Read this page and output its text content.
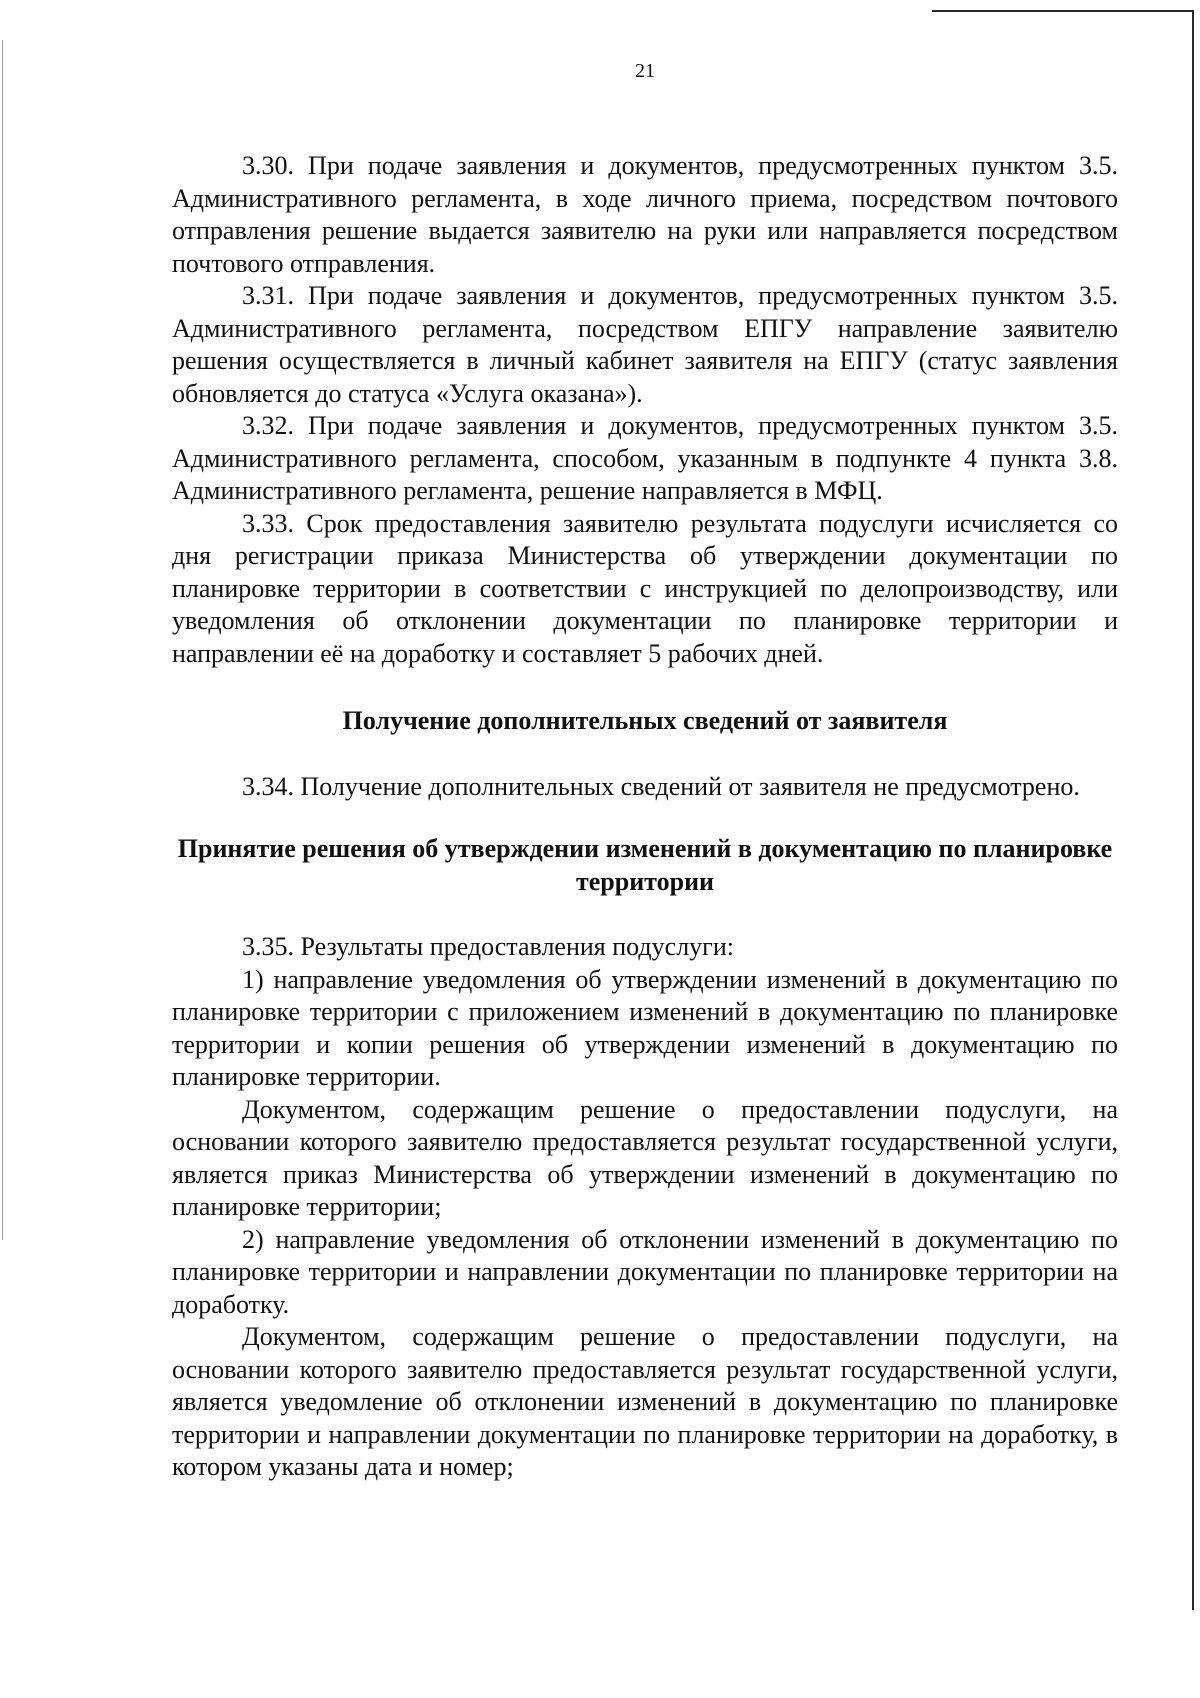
21

3.30. При подаче заявления и документов, предусмотренных пунктом 3.5. Административного регламента, в ходе личного приема, посредством почтового отправления решение выдается заявителю на руки или направляется посредством почтового отправления.

3.31. При подаче заявления и документов, предусмотренных пунктом 3.5. Административного регламента, посредством ЕПГУ направление заявителю решения осуществляется в личный кабинет заявителя на ЕПГУ (статус заявления обновляется до статуса «Услуга оказана»).

3.32. При подаче заявления и документов, предусмотренных пунктом 3.5. Административного регламента, способом, указанным в подпункте 4 пункта 3.8. Административного регламента, решение направляется в МФЦ.

3.33. Срок предоставления заявителю результата подуслуги исчисляется со дня регистрации приказа Министерства об утверждении документации по планировке территории в соответствии с инструкцией по делопроизводству, или уведомления об отклонении документации по планировке территории и направлении её на доработку и составляет 5 рабочих дней.

Получение дополнительных сведений от заявителя

3.34. Получение дополнительных сведений от заявителя не предусмотрено.

Принятие решения об утверждении изменений в документацию по планировке территории

3.35. Результаты предоставления подуслуги:

1) направление уведомления об утверждении изменений в документацию по планировке территории с приложением изменений в документацию по планировке территории и копии решения об утверждении изменений в документацию по планировке территории.

Документом, содержащим решение о предоставлении подуслуги, на основании которого заявителю предоставляется результат государственной услуги, является приказ Министерства об утверждении изменений в документацию по планировке территории;

2) направление уведомления об отклонении изменений в документацию по планировке территории и направлении документации по планировке территории на доработку.

Документом, содержащим решение о предоставлении подуслуги, на основании которого заявителю предоставляется результат государственной услуги, является уведомление об отклонении изменений в документацию по планировке территории и направлении документации по планировке территории на доработку, в котором указаны дата и номер;
